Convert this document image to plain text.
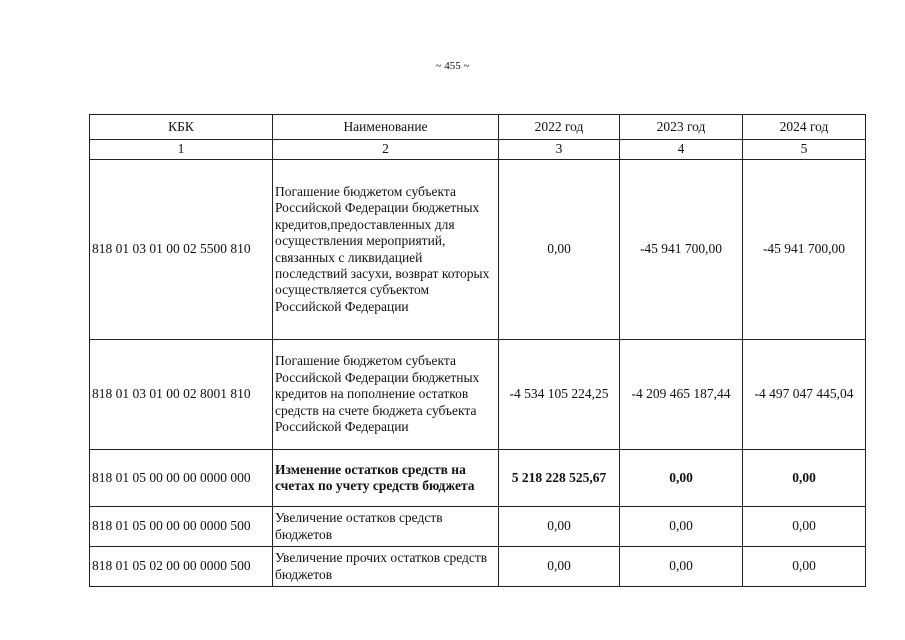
~ 455 ~
КБК	Наименование	2022 год	2023 год	2024 год
1	2	3	4	5
818 01 03 01 00 02 5500 810	Погашение бюджетом субъекта Российской Федерации бюджетных кредитов,предоставленных для осуществления мероприятий, связанных с ликвидацией последствий засухи, возврат которых осуществляется субъектом Российской Федерации	0,00	-45 941 700,00	-45 941 700,00
818 01 03 01 00 02 8001 810	Погашение бюджетом субъекта Российской Федерации бюджетных кредитов на пополнение остатков средств на счете бюджета субъекта Российской Федерации	-4 534 105 224,25	-4 209 465 187,44	-4 497 047 445,04
818 01 05 00 00 00 0000 000	Изменение остатков средств на счетах по учету средств бюджета	5 218 228 525,67	0,00	0,00
818 01 05 00 00 00 0000 500	Увеличение остатков средств бюджетов	0,00	0,00	0,00
818 01 05 02 00 00 0000 500	Увеличение прочих остатков средств бюджетов	0,00	0,00	0,00
